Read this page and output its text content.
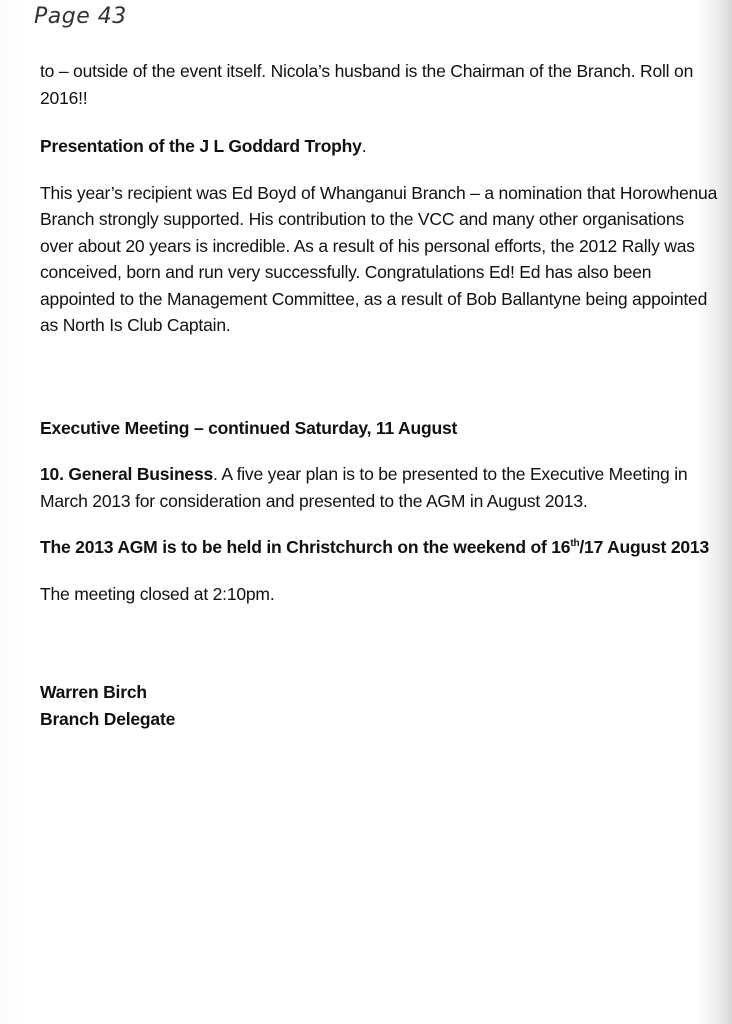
Page 43

to – outside of the event itself. Nicola’s husband is the Chairman of the Branch. Roll on 2016!!

Presentation of the J L Goddard Trophy.

This year’s recipient was Ed Boyd of Whanganui Branch – a nomination that Horowhenua Branch strongly supported. His contribution to the VCC and many other organisations over about 20 years is incredible. As a result of his personal efforts, the 2012 Rally was conceived, born and run very successfully. Congratulations Ed! Ed has also been appointed to the Management Committee, as a result of Bob Ballantyne being appointed as North Is Club Captain.

Executive Meeting – continued Saturday, 11 August

10. General Business. A five year plan is to be presented to the Executive Meeting in March 2013 for consideration and presented to the AGM in August 2013.

The 2013 AGM is to be held in Christchurch on the weekend of 16th/17 August 2013

The meeting closed at 2:10pm.

Warren Birch

Branch Delegate
